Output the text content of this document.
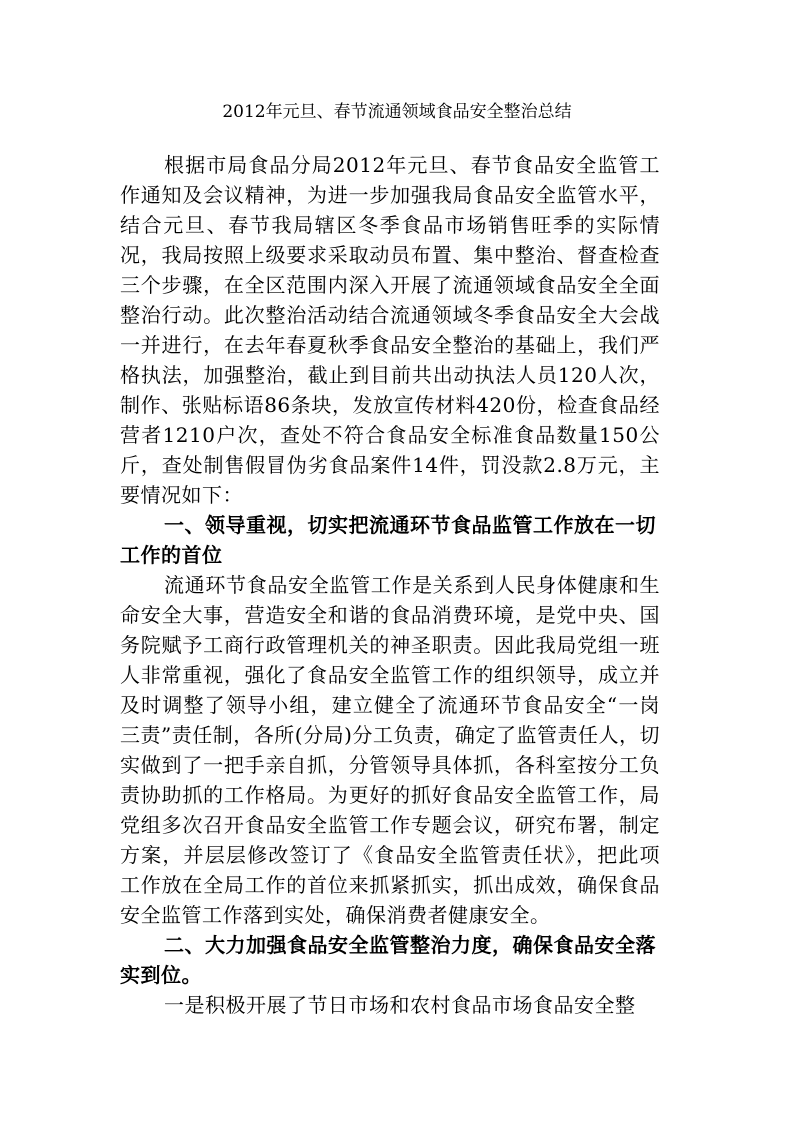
2012年元旦、春节流通领域食品安全整治总结

根据市局食品分局2012年元旦、春节食品安全监管工作通知及会议精神，为进一步加强我局食品安全监管水平，结合元旦、春节我局辖区冬季食品市场销售旺季的实际情况，我局按照上级要求采取动员布置、集中整治、督查检查三个步骤，在全区范围内深入开展了流通领域食品安全全面整治行动。此次整治活动结合流通领域冬季食品安全大会战一并进行，在去年春夏秋季食品安全整治的基础上，我们严格执法，加强整治，截止到目前共出动执法人员120人次，制作、张贴标语86条块，发放宣传材料420份，检查食品经营者1210户次，查处不符合食品安全标准食品数量150公斤，查处制售假冒伪劣食品案件14件，罚没款2.8万元，主要情况如下：

一、领导重视，切实把流通环节食品监管工作放在一切工作的首位

流通环节食品安全监管工作是关系到人民身体健康和生命安全大事，营造安全和谐的食品消费环境，是党中央、国务院赋予工商行政管理机关的神圣职责。因此我局党组一班人非常重视，强化了食品安全监管工作的组织领导，成立并及时调整了领导小组，建立健全了流通环节食品安全“一岗三责”责任制，各所(分局)分工负责，确定了监管责任人，切实做到了一把手亲自抓，分管领导具体抓，各科室按分工负责协助抓的工作格局。为更好的抓好食品安全监管工作，局党组多次召开食品安全监管工作专题会议，研究布署，制定方案，并层层修改签订了《食品安全监管责任状》，把此项工作放在全局工作的首位来抓紧抓实，抓出成效，确保食品安全监管工作落到实处，确保消费者健康安全。

二、大力加强食品安全监管整治力度，确保食品安全落实到位。

一是积极开展了节日市场和农村食品市场食品安全整
